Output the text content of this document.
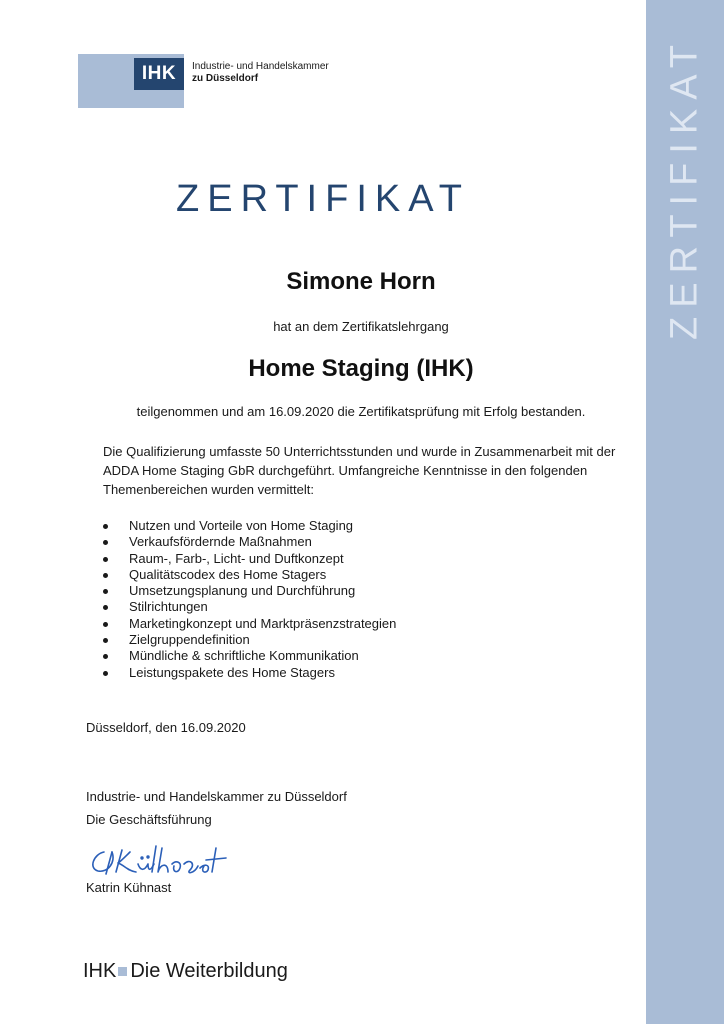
ZERTIFIKAT
IHK Industrie- und Handelskammer
zu Düsseldorf
ZERTIFIKAT
Simone Horn
hat an dem Zertifikatslehrgang
Home Staging (IHK)
teilgenommen und am 16.09.2020 die Zertifikatsprüfung mit Erfolg bestanden.
Die Qualifizierung umfasste 50 Unterrichtsstunden und wurde in Zusammenarbeit mit der ADDA Home Staging GbR durchgeführt. Umfangreiche Kenntnisse in den folgenden Themenbereichen wurden vermittelt:
Nutzen und Vorteile von Home Staging
Verkaufsfördernde Maßnahmen
Raum-, Farb-, Licht- und Duftkonzept
Qualitätscodex des Home Stagers
Umsetzungsplanung und Durchführung
Stilrichtungen
Marketingkonzept und Marktpräsenzstrategien
Zielgruppendefinition
Mündliche & schriftliche Kommunikation
Leistungspakete des Home Stagers
Düsseldorf, den 16.09.2020
Industrie- und Handelskammer zu Düsseldorf
Die Geschäftsführung
Katrin Kühnast
IHK Die Weiterbildung
